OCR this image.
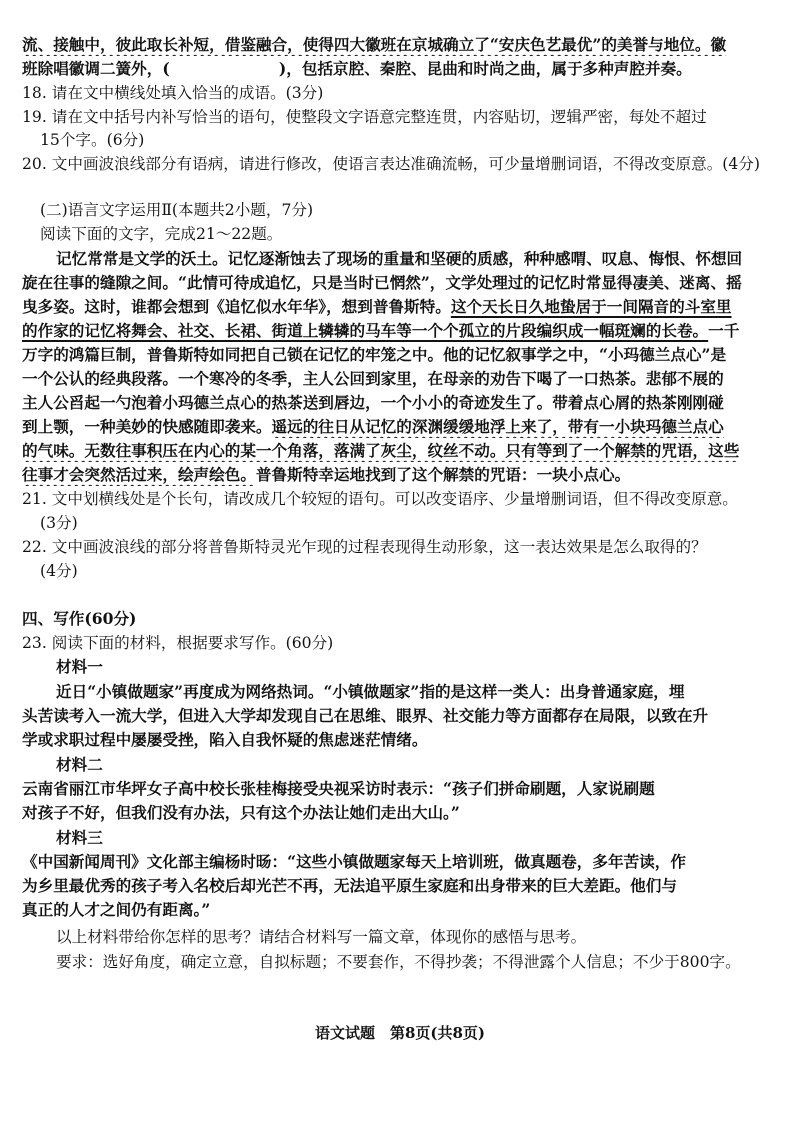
流、接触中，彼此取长补短，借鉴融合，使得四大徽班在京城确立了“安庆色艺最优”的美誉与地位。徽
班除唱徽调二簧外，(　　　　　　　)，包括京腔、秦腔、昆曲和时尚之曲，属于多种声腔并奏。
18. 请在文中横线处填入恰当的成语。(3分)
19. 请在文中括号内补写恰当的语句，使整段文字语意完整连贯，内容贴切，逻辑严密，每处不超过
15个字。(6分)
20. 文中画波浪线部分有语病，请进行修改，使语言表达准确流畅，可少量增删词语，不得改变原意。(4分)
(二)语言文字运用Ⅱ(本题共2小题，7分)
阅读下面的文字，完成21～22题。
记忆常常是文学的沃土。记忆逐渐蚀去了现场的重量和坚硬的质感，种种感喟、叹息、悔恨、怀想回
旋在往事的缝隙之间。“此情可待成追忆，只是当时已惘然”，文学处理过的记忆时常显得凄美、迷离、摇
曳多姿。这时，谁都会想到《追忆似水年华》，想到普鲁斯特。这个天长日久地蛰居于一间隔音的斗室里
的作家的记忆将舞会、社交、长裙、街道上辚辚的马车等一个个孤立的片段编织成一幅斑斓的长卷。一千
万字的鸿篇巨制，普鲁斯特如同把自己锁在记忆的牢笼之中。他的记忆叙事学之中，“小玛德兰点心”是
一个公认的经典段落。一个寒冷的冬季，主人公回到家里，在母亲的劝告下喝了一口热茶。悲郁不展的
主人公舀起一勺泡着小玛德兰点心的热茶送到唇边，一个小小的奇迹发生了。带着点心屑的热茶刚刚碰
到上颚，一种美妙的快感随即袭来。遥远的往日从记忆的深渊缓缓地浮上来了，带有一小块玛德兰点心
的气味。无数往事积压在内心的某一个角落，落满了灰尘，纹丝不动。只有等到了一个解禁的咒语，这些
往事才会突然活过来，绘声绘色。普鲁斯特幸运地找到了这个解禁的咒语：一块小点心。
21. 文中划横线处是个长句，请改成几个较短的语句。可以改变语序、少量增删词语，但不得改变原意。
(3分)
22. 文中画波浪线的部分将普鲁斯特灵光乍现的过程表现得生动形象，这一表达效果是怎么取得的？
(4分)
四、写作(60分)
23. 阅读下面的材料，根据要求写作。(60分)
材料一
近日“小镇做题家”再度成为网络热词。“小镇做题家”指的是这样一类人：出身普通家庭，埋
头苦读考入一流大学，但进入大学却发现自己在思维、眼界、社交能力等方面都存在局限，以致在升
学或求职过程中屡屡受挫，陷入自我怀疑的焦虑迷茫情绪。
材料二
云南省丽江市华坪女子高中校长张桂梅接受央视采访时表示：“孩子们拼命刷题，人家说刷题
对孩子不好，但我们没有办法，只有这个办法让她们走出大山。”
材料三
《中国新闻周刊》文化部主编杨时旸：“这些小镇做题家每天上培训班，做真题卷，多年苦读，作
为乡里最优秀的孩子考入名校后却光芒不再，无法追平原生家庭和出身带来的巨大差距。他们与
真正的人才之间仍有距离。”
以上材料带给你怎样的思考？请结合材料写一篇文章，体现你的感悟与思考。
要求：选好角度，确定立意，自拟标题；不要套作，不得抄袭；不得泄露个人信息；不少于800字。
语文试题　第8页(共8页)
